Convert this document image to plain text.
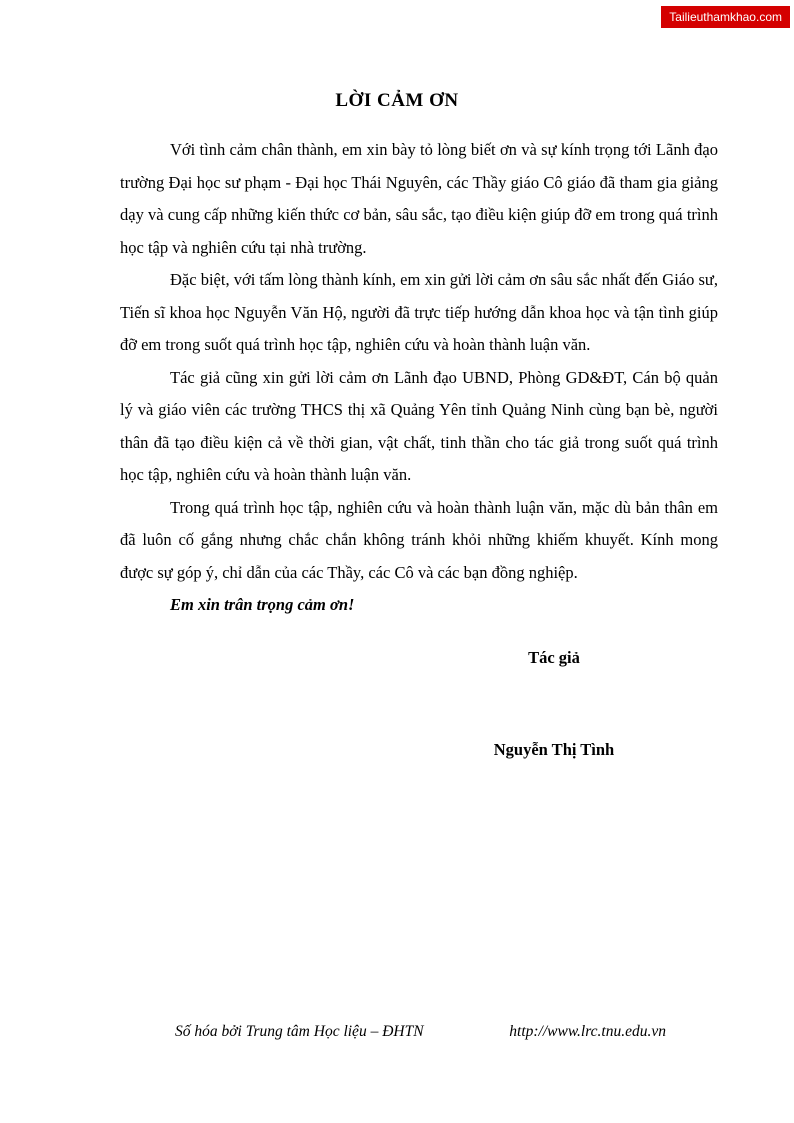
Tailieuthamkhao.com
LỜI CẢM ƠN

Với tình cảm chân thành, em xin bày tỏ lòng biết ơn và sự kính trọng tới Lãnh đạo trường Đại học sư phạm - Đại học Thái Nguyên, các Thầy giáo Cô giáo đã tham gia giảng dạy và cung cấp những kiến thức cơ bản, sâu sắc, tạo điều kiện giúp đỡ em trong quá trình học tập và nghiên cứu tại nhà trường.

Đặc biệt, với tấm lòng thành kính, em xin gửi lời cảm ơn sâu sắc nhất đến Giáo sư, Tiến sĩ khoa học Nguyễn Văn Hộ, người đã trực tiếp hướng dẫn khoa học và tận tình giúp đỡ em trong suốt quá trình học tập, nghiên cứu và hoàn thành luận văn.

Tác giả cũng xin gửi lời cảm ơn Lãnh đạo UBND, Phòng GD&ĐT, Cán bộ quản lý và giáo viên các trường THCS thị xã Quảng Yên tỉnh Quảng Ninh cùng bạn bè, người thân đã tạo điều kiện cả về thời gian, vật chất, tinh thần cho tác giả trong suốt quá trình học tập, nghiên cứu và hoàn thành luận văn.

Trong quá trình học tập, nghiên cứu và hoàn thành luận văn, mặc dù bản thân em đã luôn cố gắng nhưng chắc chắn không tránh khỏi những khiếm khuyết. Kính mong được sự góp ý, chỉ dẫn của các Thầy, các Cô và các bạn đồng nghiệp.

Em xin trân trọng cảm ơn!
Tác giả
Nguyễn Thị Tình
Số hóa bởi Trung tâm Học liệu – ĐHTN	http://www.lrc.tnu.edu.vn
